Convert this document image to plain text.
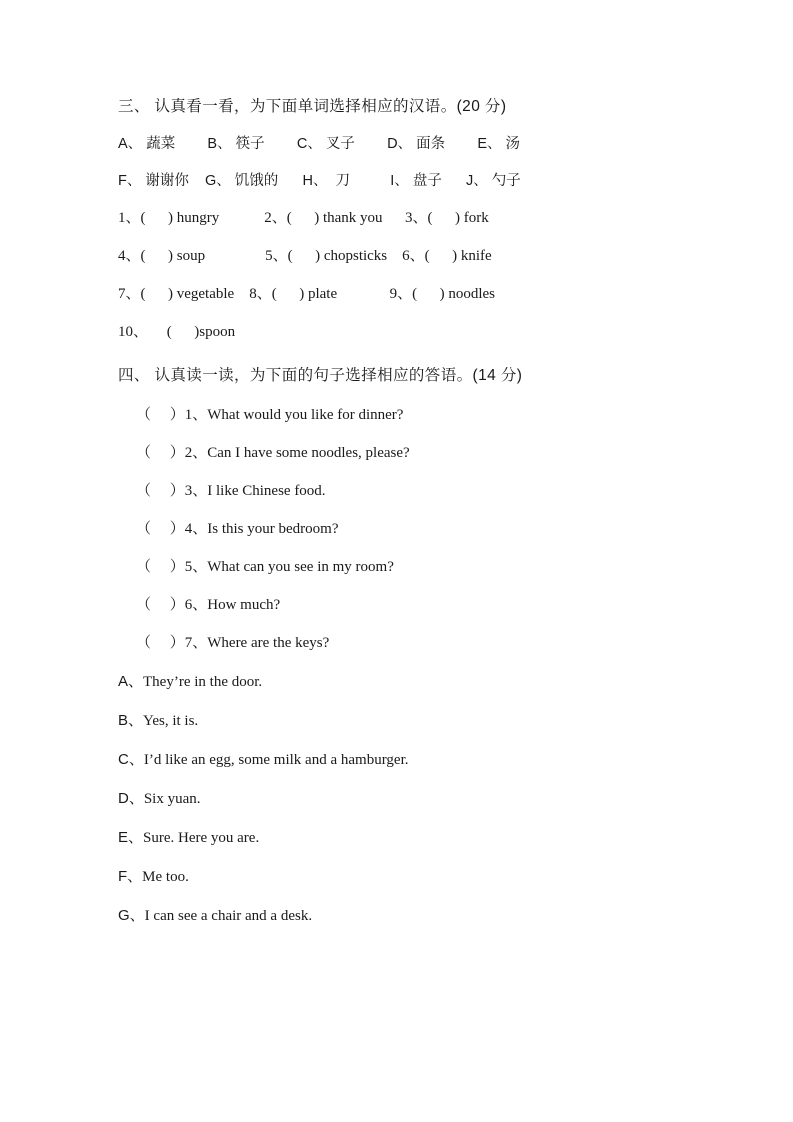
三、 认真看一看，为下面单词选择相应的汉语。(20 分)

A、 蔬菜        B、 筷子        C、 叉子        D、 面条        E、 汤

F、 谢谢你    G、 饥饿的      H、  刀          I、 盘子      J、 勺子

1、(      ) hungry            2、(      ) thank you      3、(      ) fork

4、(      ) soup                5、(      ) chopsticks    6、(      ) knife

7、(      ) vegetable    8、(      ) plate              9、(      ) noodles

10、     (      )spoon

四、 认真读一读，为下面的句子选择相应的答语。(14 分)

（     ）1、What would you like for dinner?

（     ）2、Can I have some noodles, please?

（     ）3、I like Chinese food.

（     ）4、Is this your bedroom?

（     ）5、What can you see in my room?

（     ）6、How much?

（     ）7、Where are the keys?

A、They’re in the door.

B、Yes, it is.

C、I’d like an egg, some milk and a hamburger.

D、Six yuan.

E、Sure. Here you are.

F、Me too.

G、I can see a chair and a desk.
